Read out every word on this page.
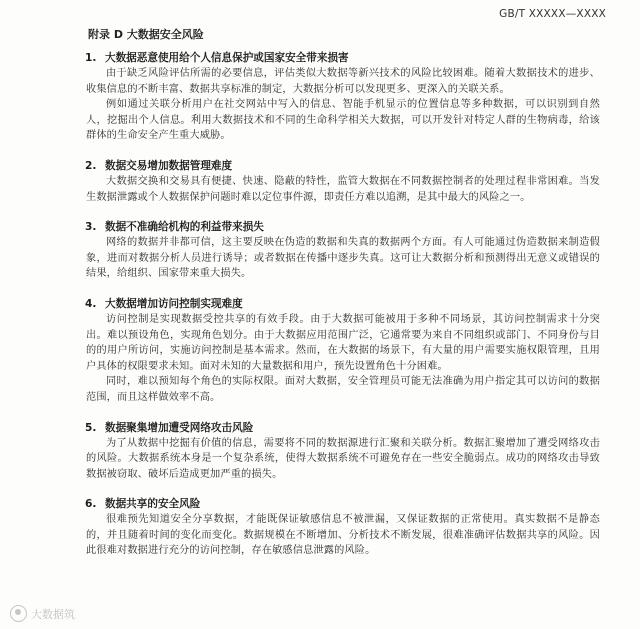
GB/T XXXXX—XXXX
附录 D 大数据安全风险
1. 大数据恶意使用给个人信息保护或国家安全带来损害

由于缺乏风险评估所需的必要信息，评估类似大数据等新兴技术的风险比较困难。随着大数据技术的进步、收集信息的不断丰富、数据共享标准的制定，大数据分析可以发现更多、更深入的关联关系。

例如通过关联分析用户在社交网站中写入的信息、智能手机显示的位置信息等多种数据，可以识别到自然人，挖掘出个人信息。利用大数据技术和不同的生命科学相关大数据，可以开发针对特定人群的生物病毒，给该群体的生命安全产生重大威胁。

2. 数据交易增加数据管理难度

大数据交换和交易具有便捷、快速、隐蔽的特性，监管大数据在不同数据控制者的处理过程非常困难。当发生数据泄露或个人数据保护问题时难以定位事件源，即责任方难以追溯，是其中最大的风险之一。

3. 数据不准确给机构的利益带来损失

网络的数据并非都可信，这主要反映在伪造的数据和失真的数据两个方面。有人可能通过伪造数据来制造假象，进而对数据分析人员进行诱导；或者数据在传播中逐步失真。这可让大数据分析和预测得出无意义或错误的结果，给组织、国家带来重大损失。

4. 大数据增加访问控制实现难度

访问控制是实现数据受控共享的有效手段。由于大数据可能被用于多种不同场景，其访问控制需求十分突出。难以预设角色，实现角色划分。由于大数据应用范围广泛，它通常要为来自不同组织或部门、不同身份与目的的用户所访问，实施访问控制是基本需求。然而，在大数据的场景下，有大量的用户需要实施权限管理，且用户具体的权限要求未知。面对未知的大量数据和用户，预先设置角色十分困难。

同时，难以预知每个角色的实际权限。面对大数据，安全管理员可能无法准确为用户指定其可以访问的数据范围，而且这样做效率不高。

5. 数据聚集增加遭受网络攻击风险

为了从数据中挖掘有价值的信息，需要将不同的数据源进行汇聚和关联分析。数据汇聚增加了遭受网络攻击的风险。大数据系统本身是一个复杂系统，使得大数据系统不可避免存在一些安全脆弱点。成功的网络攻击导致数据被窃取、破坏后造成更加严重的损失。

6. 数据共享的安全风险

很难预先知道安全分享数据，才能既保证敏感信息不被泄漏，又保证数据的正常使用。真实数据不是静态的，并且随着时间的变化而变化。数据规模在不断增加、分析技术不断发展，很难准确评估数据共享的风险。因此很难对数据进行充分的访问控制，存在敏感信息泄露的风险。

大数据筑
